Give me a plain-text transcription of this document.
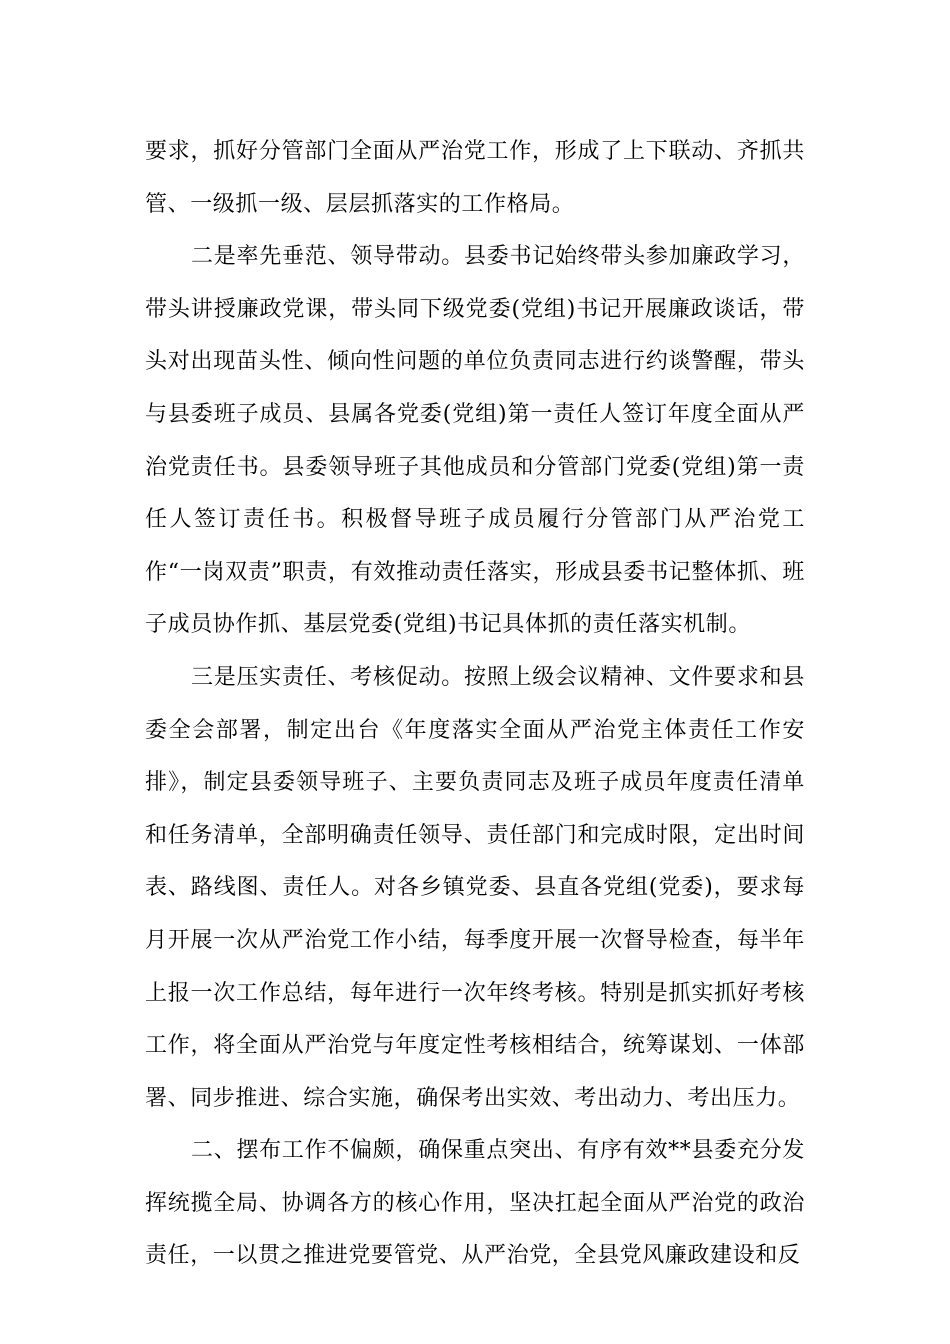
要求，抓好分管部门全面从严治党工作，形成了上下联动、齐抓共管、一级抓一级、层层抓落实的工作格局。

二是率先垂范、领导带动。县委书记始终带头参加廉政学习，带头讲授廉政党课，带头同下级党委(党组)书记开展廉政谈话，带头对出现苗头性、倾向性问题的单位负责同志进行约谈警醒，带头与县委班子成员、县属各党委(党组)第一责任人签订年度全面从严治党责任书。县委领导班子其他成员和分管部门党委(党组)第一责任人签订责任书。积极督导班子成员履行分管部门从严治党工作“一岗双责”职责，有效推动责任落实，形成县委书记整体抓、班子成员协作抓、基层党委(党组)书记具体抓的责任落实机制。

三是压实责任、考核促动。按照上级会议精神、文件要求和县委全会部署，制定出台《年度落实全面从严治党主体责任工作安排》，制定县委领导班子、主要负责同志及班子成员年度责任清单和任务清单，全部明确责任领导、责任部门和完成时限，定出时间表、路线图、责任人。对各乡镇党委、县直各党组(党委)，要求每月开展一次从严治党工作小结，每季度开展一次督导检查，每半年上报一次工作总结，每年进行一次年终考核。特别是抓实抓好考核工作，将全面从严治党与年度定性考核相结合，统筹谋划、一体部署、同步推进、综合实施，确保考出实效、考出动力、考出压力。

二、摆布工作不偏颇，确保重点突出、有序有效**县委充分发挥统揽全局、协调各方的核心作用，坚决扛起全面从严治党的政治责任，一以贯之推进党要管党、从严治党，全县党风廉政建设和反
